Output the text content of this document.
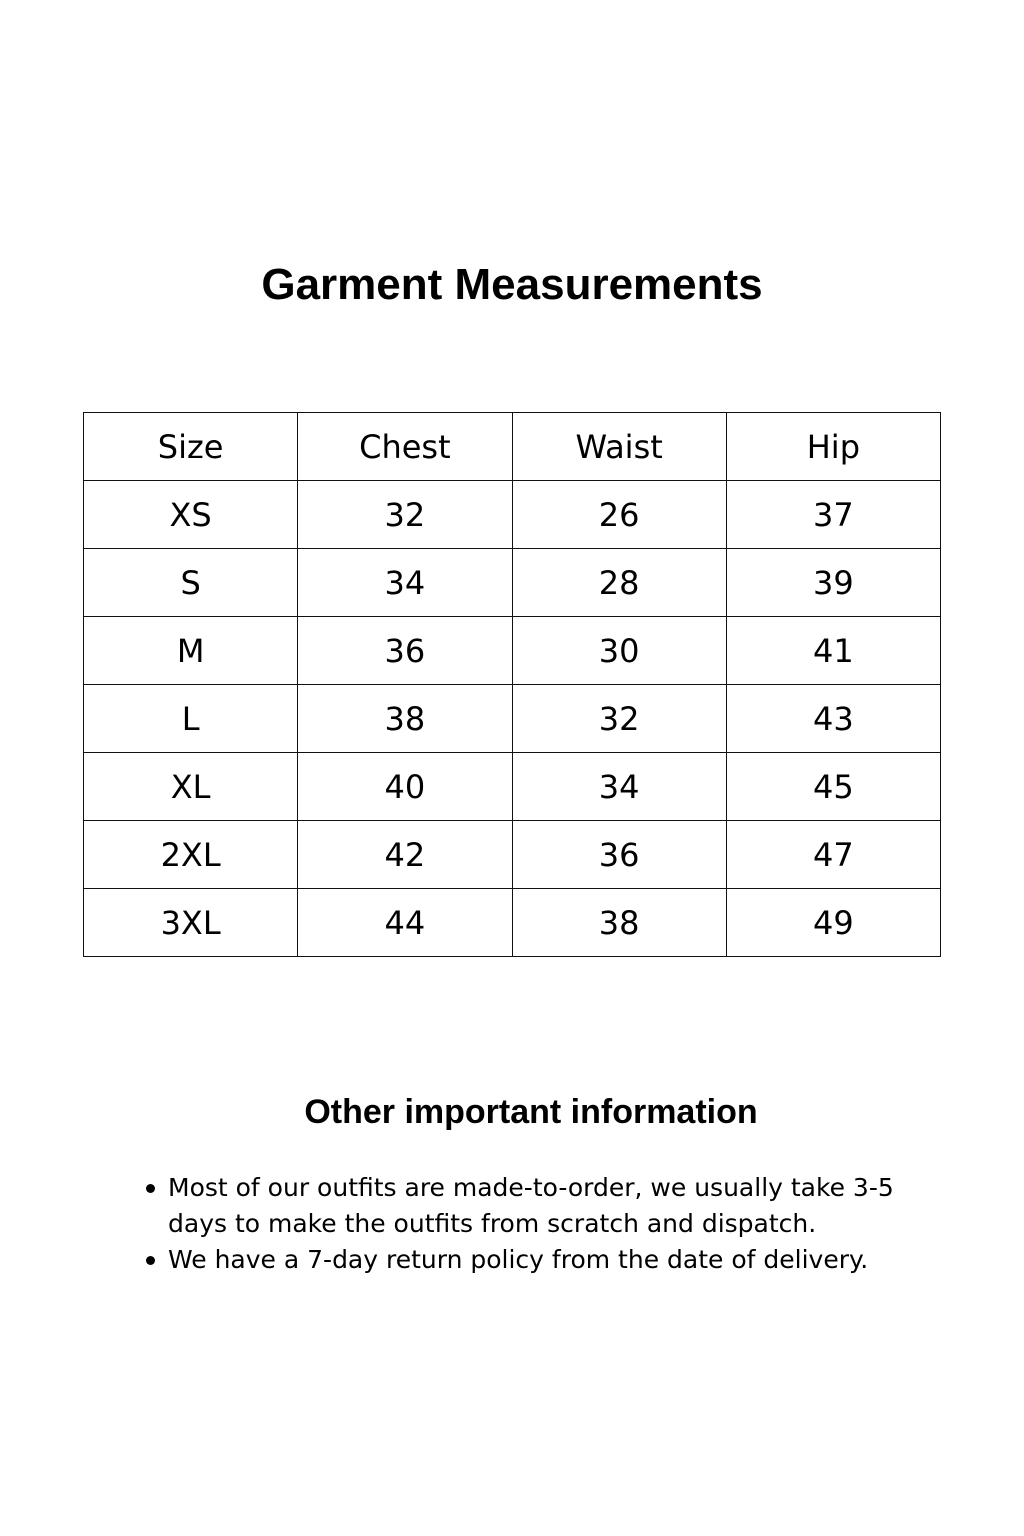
Garment Measurements
Size	Chest	Waist	Hip
XS	32	26	37
S	34	28	39
M	36	30	41
L	38	32	43
XL	40	34	45
2XL	42	36	47
3XL	44	38	49
Other important information
Most of our outfits are made-to-order, we usually take 3-5 days to make the outfits from scratch and dispatch.
We have a 7-day return policy from the date of delivery.
